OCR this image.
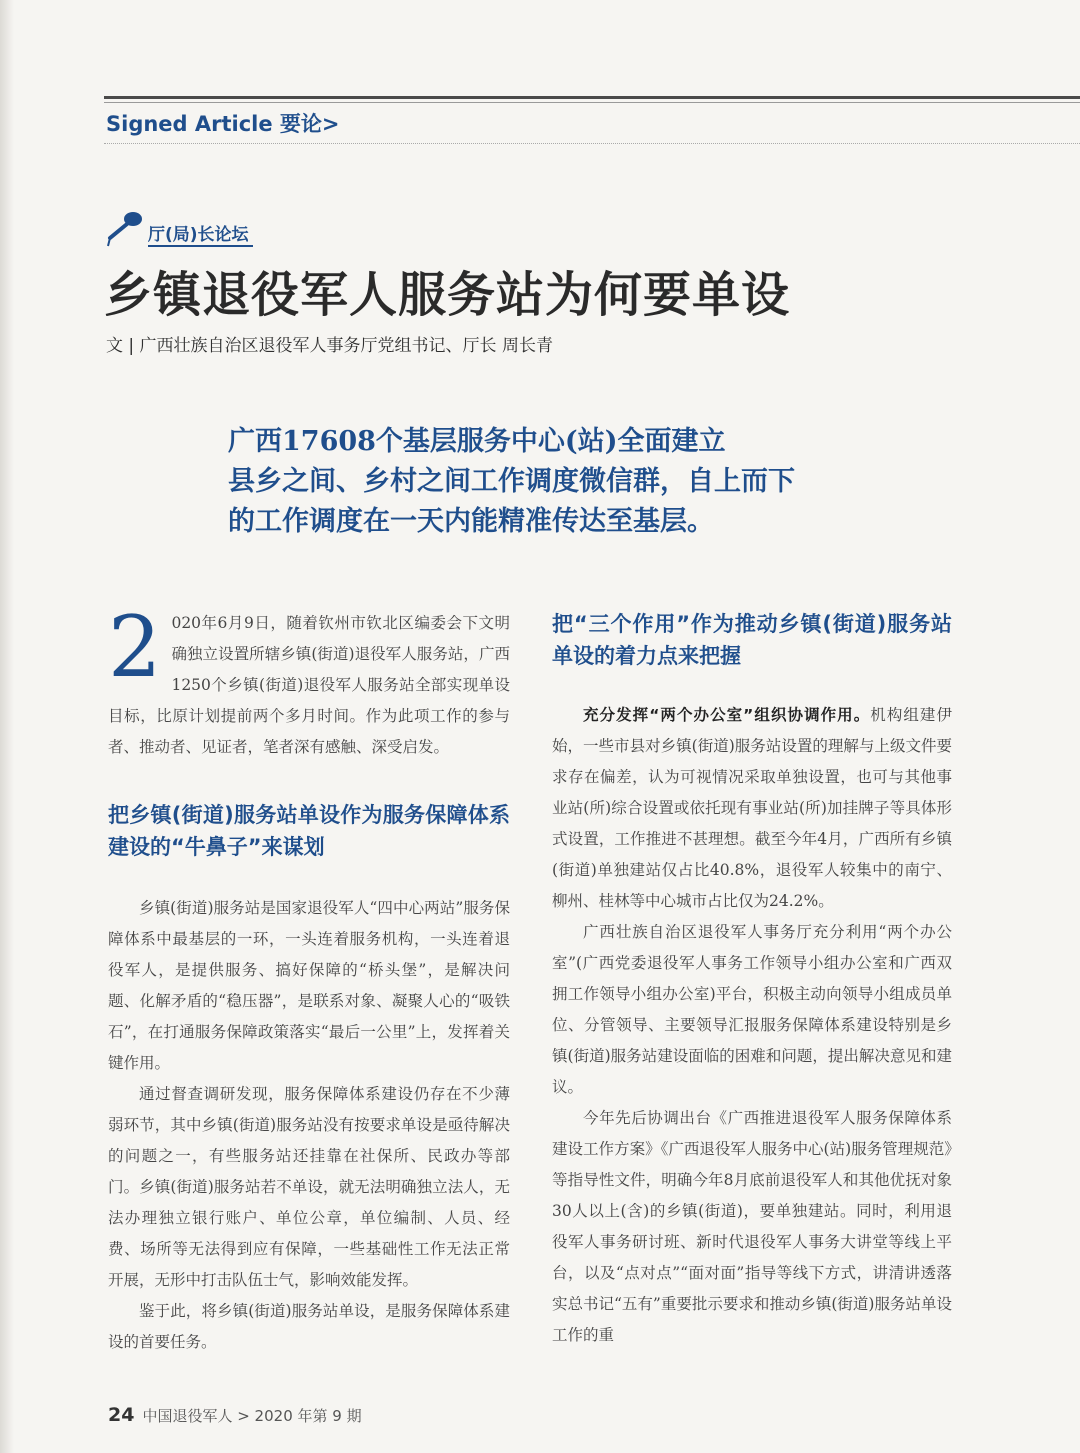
Signed Article 要论>
厅(局)长论坛
乡镇退役军人服务站为何要单设
文 | 广西壮族自治区退役军人事务厅党组书记、厅长 周长青
广西17608个基层服务中心(站)全面建立
县乡之间、乡村之间工作调度微信群，自上而下
的工作调度在一天内能精准传达至基层。

2 020年6月9日，随着钦州市钦北区编委会下文明确独立设置所辖乡镇(街道)退役军人服务站，广西1250个乡镇(街道)退役军人服务站全部实现单设目标，比原计划提前两个多月时间。作为此项工作的参与者、推动者、见证者，笔者深有感触、深受启发。

把乡镇(街道)服务站单设作为服务保障体系建设的“牛鼻子”来谋划

乡镇(街道)服务站是国家退役军人“四中心两站”服务保障体系中最基层的一环，一头连着服务机构，一头连着退役军人，是提供服务、搞好保障的“桥头堡”，是解决问题、化解矛盾的“稳压器”，是联系对象、凝聚人心的“吸铁石”，在打通服务保障政策落实“最后一公里”上，发挥着关键作用。

通过督查调研发现，服务保障体系建设仍存在不少薄弱环节，其中乡镇(街道)服务站没有按要求单设是亟待解决的问题之一，有些服务站还挂靠在社保所、民政办等部门。乡镇(街道)服务站若不单设，就无法明确独立法人，无法办理独立银行账户、单位公章，单位编制、人员、经费、场所等无法得到应有保障，一些基础性工作无法正常开展，无形中打击队伍士气，影响效能发挥。

鉴于此，将乡镇(街道)服务站单设，是服务保障体系建设的首要任务。

把“三个作用”作为推动乡镇(街道)服务站单设的着力点来把握

充分发挥“两个办公室”组织协调作用。机构组建伊始，一些市县对乡镇(街道)服务站设置的理解与上级文件要求存在偏差，认为可视情况采取单独设置，也可与其他事业站(所)综合设置或依托现有事业站(所)加挂牌子等具体形式设置，工作推进不甚理想。截至今年4月，广西所有乡镇(街道)单独建站仅占比40.8%，退役军人较集中的南宁、柳州、桂林等中心城市占比仅为24.2%。

广西壮族自治区退役军人事务厅充分利用“两个办公室”(广西党委退役军人事务工作领导小组办公室和广西双拥工作领导小组办公室)平台，积极主动向领导小组成员单位、分管领导、主要领导汇报服务保障体系建设特别是乡镇(街道)服务站建设面临的困难和问题，提出解决意见和建议。

今年先后协调出台《广西推进退役军人服务保障体系建设工作方案》《广西退役军人服务中心(站)服务管理规范》等指导性文件，明确今年8月底前退役军人和其他优抚对象30人以上(含)的乡镇(街道)，要单独建站。同时，利用退役军人事务研讨班、新时代退役军人事务大讲堂等线上平台，以及“点对点”“面对面”指导等线下方式，讲清讲透落实总书记“五有”重要批示要求和推动乡镇(街道)服务站单设工作的重

24 中国退役军人 > 2020 年第 9 期
